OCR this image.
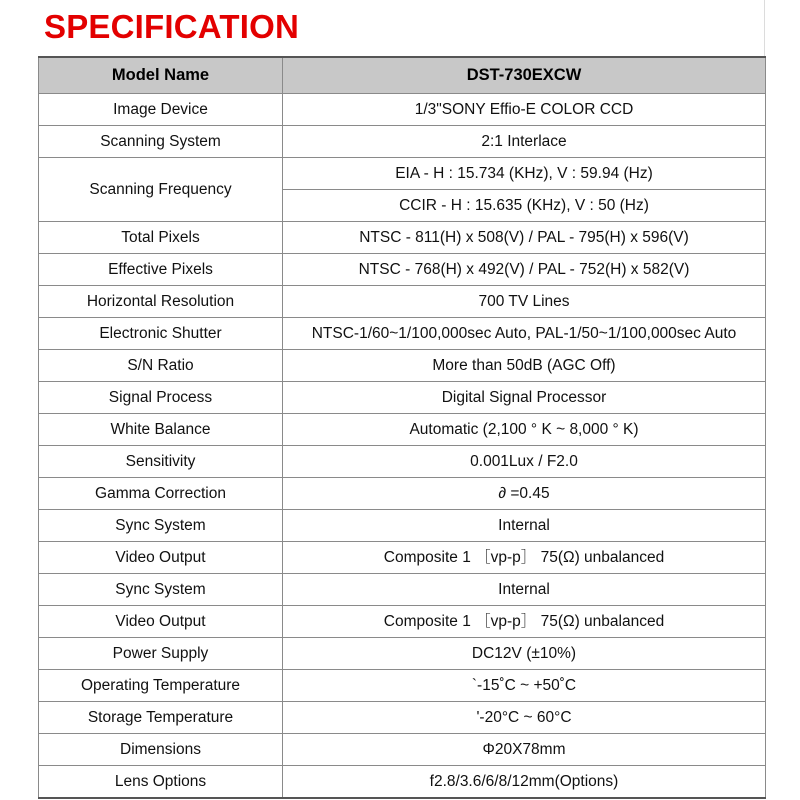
SPECIFICATION
Model Name	DST-730EXCW
Image Device	1/3"SONY Effio-E COLOR CCD
Scanning System	2:1 Interlace
Scanning Frequency	EIA - H : 15.734 (KHz), V : 59.94 (Hz)
	CCIR - H : 15.635 (KHz), V : 50 (Hz)
Total Pixels	NTSC - 811(H) x 508(V) / PAL - 795(H) x 596(V)
Effective Pixels	NTSC - 768(H) x 492(V) / PAL - 752(H) x 582(V)
Horizontal Resolution	700 TV Lines
Electronic Shutter	NTSC-1/60~1/100,000sec Auto, PAL-1/50~1/100,000sec Auto
S/N Ratio	More than 50dB (AGC Off)
Signal Process	Digital Signal Processor
White Balance	Automatic (2,100 ° K ~ 8,000 ° K)
Sensitivity	0.001Lux / F2.0
Gamma Correction	∂ =0.45
Sync System	Internal
Video Output	Composite 1 ［vp-p］ 75(Ω) unbalanced
Sync System	Internal
Video Output	Composite 1 ［vp-p］ 75(Ω) unbalanced
Power Supply	DC12V (±10%)
Operating Temperature	`-15˚C ~ +50˚C
Storage Temperature	'-20°C ~ 60°C
Dimensions	Φ20X78mm
Lens Options	f2.8/3.6/6/8/12mm(Options)
